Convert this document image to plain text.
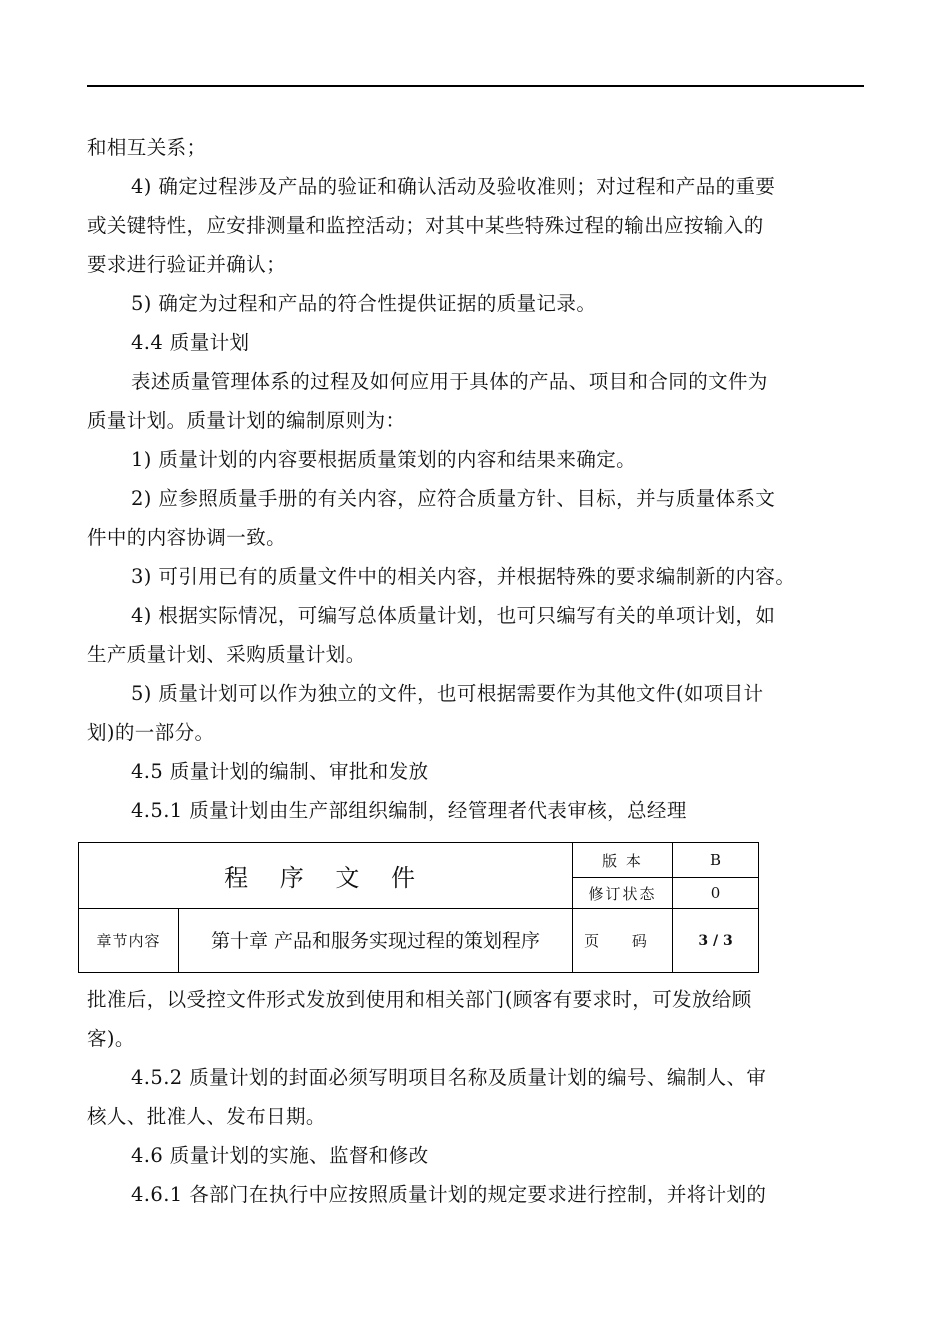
和相互关系；

4) 确定过程涉及产品的验证和确认活动及验收准则；对过程和产品的重要

或关键特性，应安排测量和监控活动；对其中某些特殊过程的输出应按输入的

要求进行验证并确认；

5) 确定为过程和产品的符合性提供证据的质量记录。

4.4 质量计划

表述质量管理体系的过程及如何应用于具体的产品、项目和合同的文件为

质量计划。质量计划的编制原则为：

1) 质量计划的内容要根据质量策划的内容和结果来确定。

2) 应参照质量手册的有关内容，应符合质量方针、目标，并与质量体系文

件中的内容协调一致。

3) 可引用已有的质量文件中的相关内容，并根据特殊的要求编制新的内容。

4) 根据实际情况，可编写总体质量计划，也可只编写有关的单项计划，如

生产质量计划、采购质量计划。

5) 质量计划可以作为独立的文件，也可根据需要作为其他文件(如项目计

划)的一部分。

4.5 质量计划的编制、审批和发放

4.5.1 质量计划由生产部组织编制，经管理者代表审核，总经理

程 序 文 件		版 本	B
		修订状态	0
章节内容	第十章 产品和服务实现过程的策划程序	页 码	3 / 3

批准后，以受控文件形式发放到使用和相关部门(顾客有要求时，可发放给顾

客)。

4.5.2 质量计划的封面必须写明项目名称及质量计划的编号、编制人、审

核人、批准人、发布日期。

4.6 质量计划的实施、监督和修改

4.6.1 各部门在执行中应按照质量计划的规定要求进行控制，并将计划的
